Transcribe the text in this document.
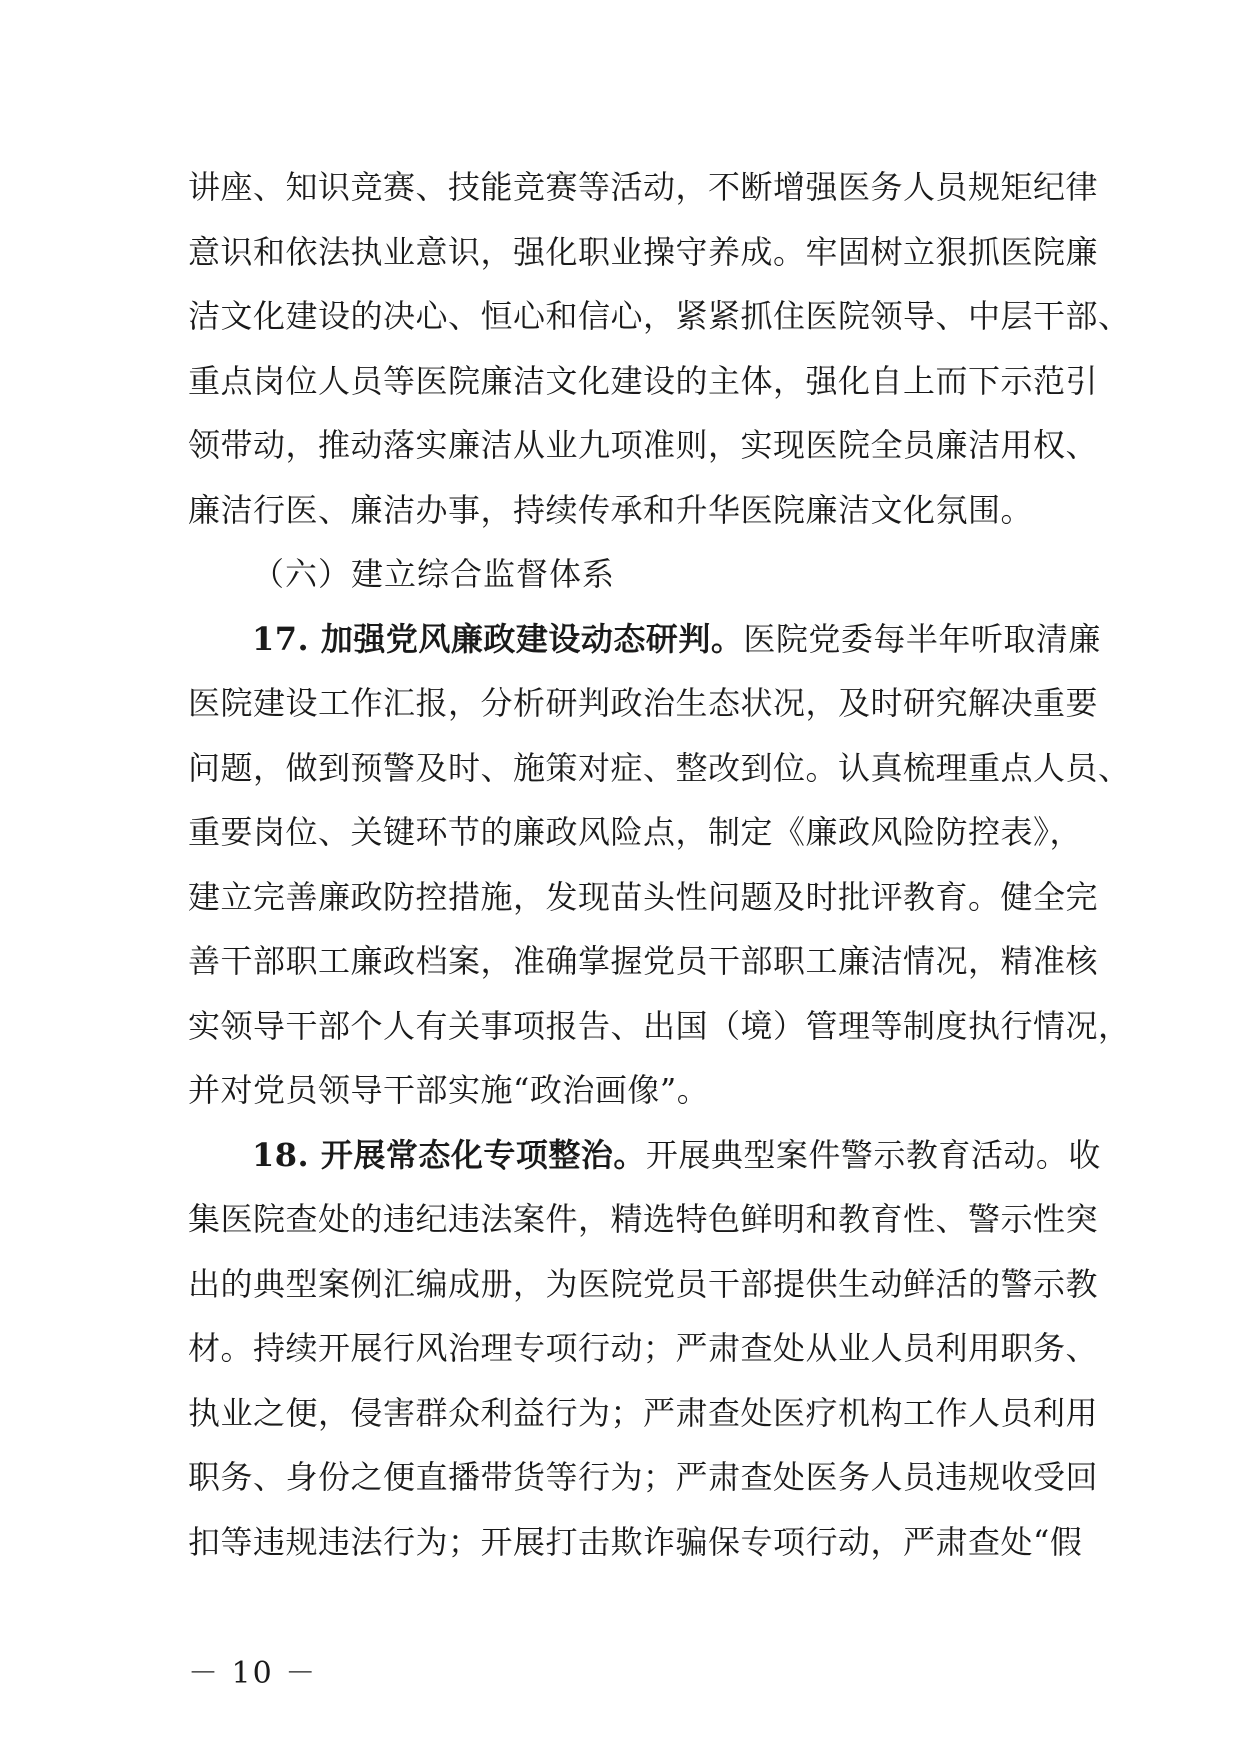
讲座、知识竞赛、技能竞赛等活动，不断增强医务人员规矩纪律
意识和依法执业意识，强化职业操守养成。牢固树立狠抓医院廉
洁文化建设的决心、恒心和信心，紧紧抓住医院领导、中层干部、
重点岗位人员等医院廉洁文化建设的主体，强化自上而下示范引
领带动，推动落实廉洁从业九项准则，实现医院全员廉洁用权、
廉洁行医、廉洁办事，持续传承和升华医院廉洁文化氛围。
（六）建立综合监督体系
17. 加强党风廉政建设动态研判。医院党委每半年听取清廉
医院建设工作汇报，分析研判政治生态状况，及时研究解决重要
问题，做到预警及时、施策对症、整改到位。认真梳理重点人员、
重要岗位、关键环节的廉政风险点，制定《廉政风险防控表》，
建立完善廉政防控措施，发现苗头性问题及时批评教育。健全完
善干部职工廉政档案，准确掌握党员干部职工廉洁情况，精准核
实领导干部个人有关事项报告、出国（境）管理等制度执行情况，
并对党员领导干部实施“政治画像”。
18. 开展常态化专项整治。开展典型案件警示教育活动。收
集医院查处的违纪违法案件，精选特色鲜明和教育性、警示性突
出的典型案例汇编成册，为医院党员干部提供生动鲜活的警示教
材。持续开展行风治理专项行动；严肃查处从业人员利用职务、
执业之便，侵害群众利益行为；严肃查处医疗机构工作人员利用
职务、身份之便直播带货等行为；严肃查处医务人员违规收受回
扣等违规违法行为；开展打击欺诈骗保专项行动，严肃查处“假
－ 10 －
